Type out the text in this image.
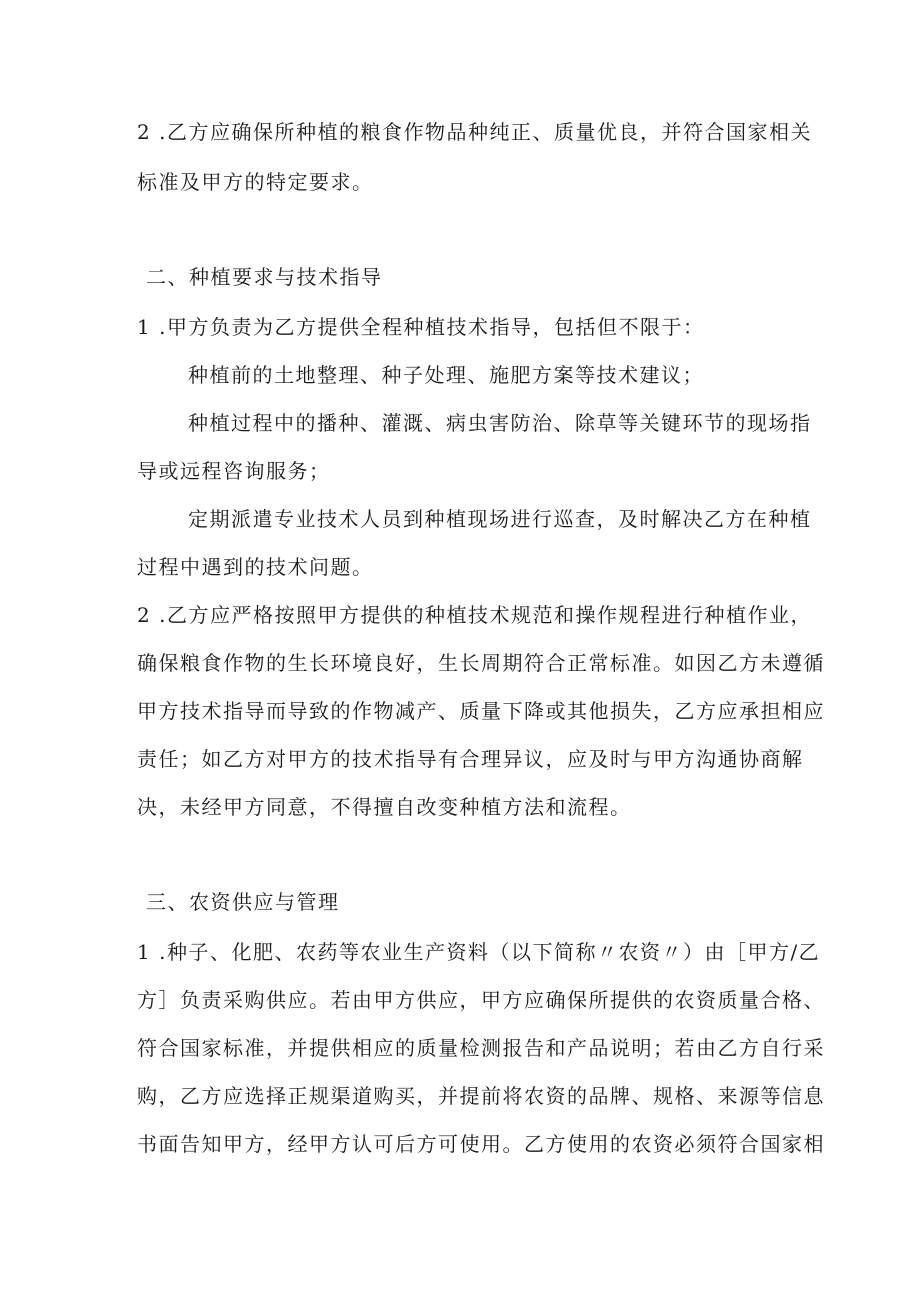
2 .乙方应确保所种植的粮食作物品种纯正、质量优良，并符合国家相关
标准及甲方的特定要求。
二、种植要求与技术指导
1 .甲方负责为乙方提供全程种植技术指导，包括但不限于：
种植前的土地整理、种子处理、施肥方案等技术建议；
种植过程中的播种、灌溉、病虫害防治、除草等关键环节的现场指
导或远程咨询服务；
定期派遣专业技术人员到种植现场进行巡查，及时解决乙方在种植
过程中遇到的技术问题。
2 .乙方应严格按照甲方提供的种植技术规范和操作规程进行种植作业，
确保粮食作物的生长环境良好，生长周期符合正常标准。如因乙方未遵循
甲方技术指导而导致的作物减产、质量下降或其他损失，乙方应承担相应
责任；如乙方对甲方的技术指导有合理异议，应及时与甲方沟通协商解
决，未经甲方同意，不得擅自改变种植方法和流程。
三、农资供应与管理
1 .种子、化肥、农药等农业生产资料（以下简称〃农资〃）由［甲方/乙
方］负责采购供应。若由甲方供应，甲方应确保所提供的农资质量合格、
符合国家标准，并提供相应的质量检测报告和产品说明；若由乙方自行采
购，乙方应选择正规渠道购买，并提前将农资的品牌、规格、来源等信息
书面告知甲方，经甲方认可后方可使用。乙方使用的农资必须符合国家相
